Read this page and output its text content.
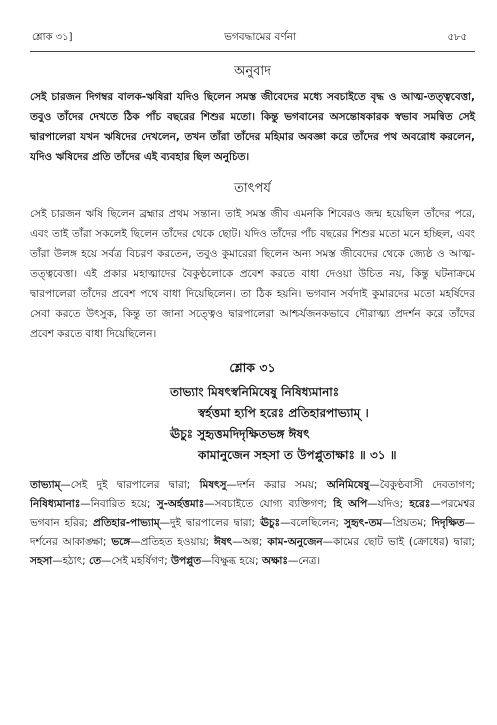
শ্লোক ৩১]	ভগবদ্ধামের বর্ণনা	৫৮৫
অনুবাদ

সেই চারজন দিগম্বর বালক-ঋষিরা যদিও ছিলেন সমস্ত জীবেদের মধ্যে সবচাইতে বৃদ্ধ ও আত্ম-তত্ত্ববেত্তা, তবুও তাঁদের দেখতে ঠিক পাঁচ বছরের শিশুর মতো। কিন্তু ভগবানের অসন্তোষকারক স্বভাব সমন্বিত সেই দ্বারপালেরা যখন ঋষিদের দেখলেন, তখন তাঁরা তাঁদের মহিমার অবজ্ঞা করে তাঁদের পথ অবরোধ করলেন, যদিও ঋষিদের প্রতি তাঁদের এই ব্যবহার ছিল অনুচিত।

তাৎপর্য

সেই চারজন ঋষি ছিলেন ব্রহ্মার প্রথম সন্তান। তাই সমস্ত জীব এমনকি শিবেরও জন্ম হয়েছিল তাঁদের পরে, এবং তাই তাঁরা সকলেই ছিলেন তাঁদের থেকে ছোট। যদিও তাঁদের পাঁচ বছরের শিশুর মতো মনে হচ্ছিল, এবং তাঁরা উলঙ্গ হয়ে সর্বত্র বিচরণ করতেন, তবুও কুমারেরা ছিলেন অন্য সমস্ত জীবেদের থেকে জ্যেষ্ঠ ও আত্ম-তত্ত্ববেত্তা। এই প্রকার মহাত্মাদের বৈকুণ্ঠলোকে প্রবেশ করতে বাধা দেওয়া উচিত নয়, কিন্তু ঘটনাক্রমে দ্বারপালেরা তাঁদের প্রবেশ পথে বাধা দিয়েছিলেন। তা ঠিক হয়নি। ভগবান সর্বদাই কুমারদের মতো মহর্ষিদের সেবা করতে উৎসুক, কিন্তু তা জানা সত্ত্বেও দ্বারপালেরা আশ্চর্যজনকভাবে দৌরাত্ম্য প্রদর্শন করে তাঁদের প্রবেশ করতে বাধা দিয়েছিলেন।

শ্লোক ৩১
তাভ্যাং মিষৎস্বনিমিষেষু নিষিধ্যমানাঃ
স্বর্হত্তমা হ্যপি হরেঃ প্রতিহারপাভ্যাম্ ।
ঊচুঃ সুহৃত্তমদিদৃক্ষিতভঙ্গ ঈষৎ
কামানুজেন সহসা ত উপপ্লুতাক্ষাঃ ॥ ৩১ ॥
তাভ্যাম্—সেই দুই দ্বারপালের দ্বারা; মিষৎসু—দর্শন করার সময়; অনিমিষেষু—বৈকুণ্ঠবাসী দেবতাগণ; নিষিধ্যমানাঃ—নিবারিত হয়ে; সু-অর্হত্তমাঃ—সবচাইতে যোগ্য ব্যক্তিগণ; হি অপি—যদিও; হরেঃ—পরমেশ্বর ভগবান হরির; প্রতিহার-পাভ্যাম্—দুই দ্বারপালের দ্বারা; ঊচুঃ—বলেছিলেন; সুহৃৎ-তম—প্রিয়তম; দিদৃক্ষিত—দর্শনের আকাঙ্ক্ষা; ভঙ্গে—প্রতিহত হওয়ায়; ঈষৎ—অল্প; কাম-অনুজেন—কামের ছোট ভাই (ক্রোধের) দ্বারা; সহসা—হঠাৎ; তে—সেই মহর্ষিগণ; উপপ্লুত—বিক্ষুব্ধ হয়ে; অক্ষাঃ—নেত্র।
